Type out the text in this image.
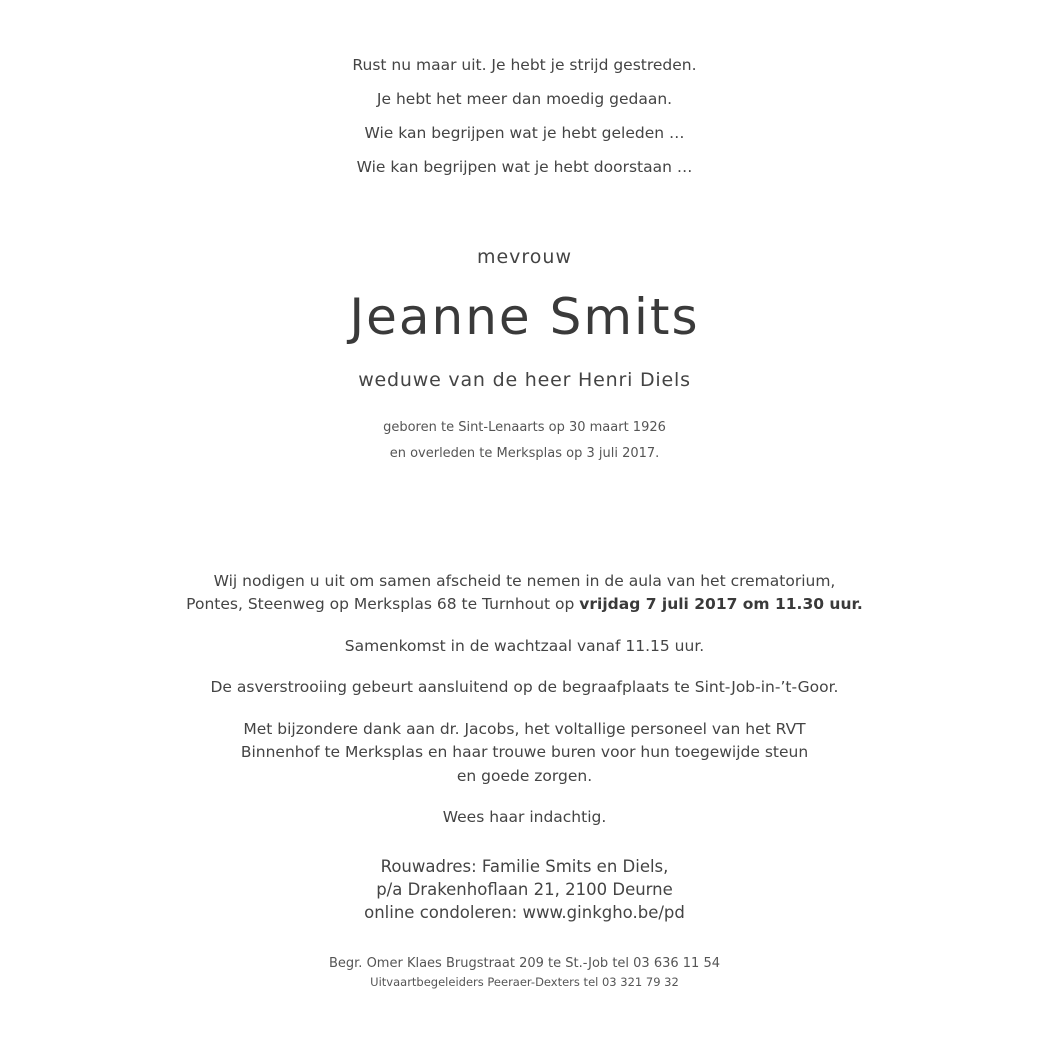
Rust nu maar uit. Je hebt je strijd gestreden.
Je hebt het meer dan moedig gedaan.
Wie kan begrijpen wat je hebt geleden …
Wie kan begrijpen wat je hebt doorstaan …
mevrouw
Jeanne Smits
weduwe van de heer Henri Diels
geboren te Sint-Lenaarts op 30 maart 1926
en overleden te Merksplas op 3 juli 2017.
Wij nodigen u uit om samen afscheid te nemen in de aula van het crematorium,
Pontes, Steenweg op Merksplas 68 te Turnhout op vrijdag 7 juli 2017 om 11.30 uur.
Samenkomst in de wachtzaal vanaf 11.15 uur.
De asverstrooiing gebeurt aansluitend op de begraafplaats te Sint-Job-in-’t-Goor.
Met bijzondere dank aan dr. Jacobs, het voltallige personeel van het RVT
Binnenhof te Merksplas en haar trouwe buren voor hun toegewijde steun
en goede zorgen.
Wees haar indachtig.
Rouwadres: Familie Smits en Diels,
p/a Drakenhoflaan 21, 2100 Deurne
online condoleren: www.ginkgho.be/pd
Begr. Omer Klaes Brugstraat 209 te St.-Job tel 03 636 11 54
Uitvaartbegeleiders Peeraer-Dexters tel 03 321 79 32
